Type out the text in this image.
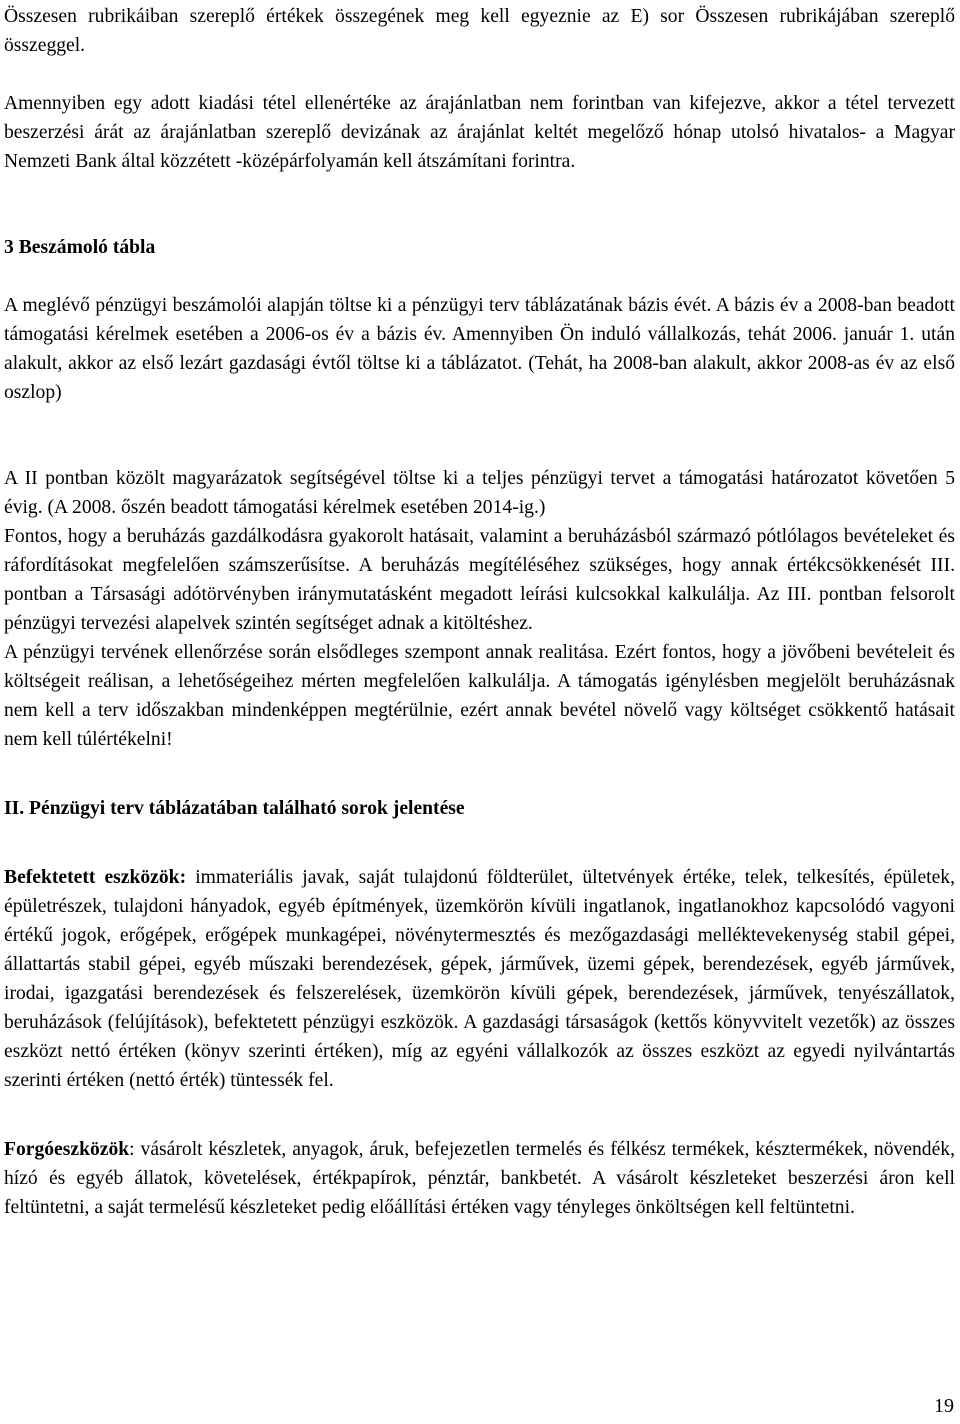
Összesen rubrikáiban szereplő értékek összegének meg kell egyeznie az E) sor Összesen rubrikájában szereplő összeggel.

Amennyiben egy adott kiadási tétel ellenértéke az árajánlatban nem forintban van kifejezve, akkor a tétel tervezett beszerzési árát az árajánlatban szereplő devizának az árajánlat keltét megelőző hónap utolsó hivatalos- a Magyar Nemzeti Bank által közzétett -középárfolyamán kell átszámítani forintra.

3 Beszámoló tábla

A meglévő pénzügyi beszámolói alapján töltse ki a pénzügyi terv táblázatának bázis évét. A bázis év a 2008-ban beadott támogatási kérelmek esetében a 2006-os év a bázis év. Amennyiben Ön induló vállalkozás, tehát 2006. január 1. után alakult, akkor az első lezárt gazdasági évtől töltse ki a táblázatot. (Tehát, ha 2008-ban alakult, akkor 2008-as év az első oszlop)

A II pontban közölt magyarázatok segítségével töltse ki a teljes pénzügyi tervet a támogatási határozatot követően 5 évig. (A 2008. őszén beadott támogatási kérelmek esetében 2014-ig.)

Fontos, hogy a beruházás gazdálkodásra gyakorolt hatásait, valamint a beruházásból származó pótlólagos bevételeket és ráfordításokat megfelelően számszerűsítse. A beruházás megítéléséhez szükséges, hogy annak értékcsökkenését III. pontban a Társasági adótörvényben iránymutatásként megadott leírási kulcsokkal kalkulálja. Az III. pontban felsorolt pénzügyi tervezési alapelvek szintén segítséget adnak a kitöltéshez.

A pénzügyi tervének ellenőrzése során elsődleges szempont annak realitása. Ezért fontos, hogy a jövőbeni bevételeit és költségeit reálisan, a lehetőségeihez mérten megfelelően kalkulálja. A támogatás igénylésben megjelölt beruházásnak nem kell a terv időszakban mindenképpen megtérülnie, ezért annak bevétel növelő vagy költséget csökkentő hatásait nem kell túlértékelni!

II. Pénzügyi terv táblázatában található sorok jelentése

Befektetett eszközök: immateriális javak, saját tulajdonú földterület, ültetvények értéke, telek, telkesítés, épületek, épületrészek, tulajdoni hányadok, egyéb építmények, üzemkörön kívüli ingatlanok, ingatlanokhoz kapcsolódó vagyoni értékű jogok, erőgépek, erőgépek munkagépei, növénytermesztés és mezőgazdasági melléktevekenység stabil gépei, állattartás stabil gépei, egyéb műszaki berendezések, gépek, járművek, üzemi gépek, berendezések, egyéb járművek, irodai, igazgatási berendezések és felszerelések, üzemkörön kívüli gépek, berendezések, járművek, tenyészállatok, beruházások (felújítások), befektetett pénzügyi eszközök. A gazdasági társaságok (kettős könyvvitelt vezetők) az összes eszközt nettó értéken (könyv szerinti értéken), míg az egyéni vállalkozók az összes eszközt az egyedi nyilvántartás szerinti értéken (nettó érték) tüntessék fel.

Forgóeszközök: vásárolt készletek, anyagok, áruk, befejezetlen termelés és félkész termékek, késztermékek, növendék, hízó és egyéb állatok, követelések, értékpapírok, pénztár, bankbetét. A vásárolt készleteket beszerzési áron kell feltüntetni, a saját termelésű készleteket pedig előállítási értéken vagy tényleges önköltségen kell feltüntetni.

19
